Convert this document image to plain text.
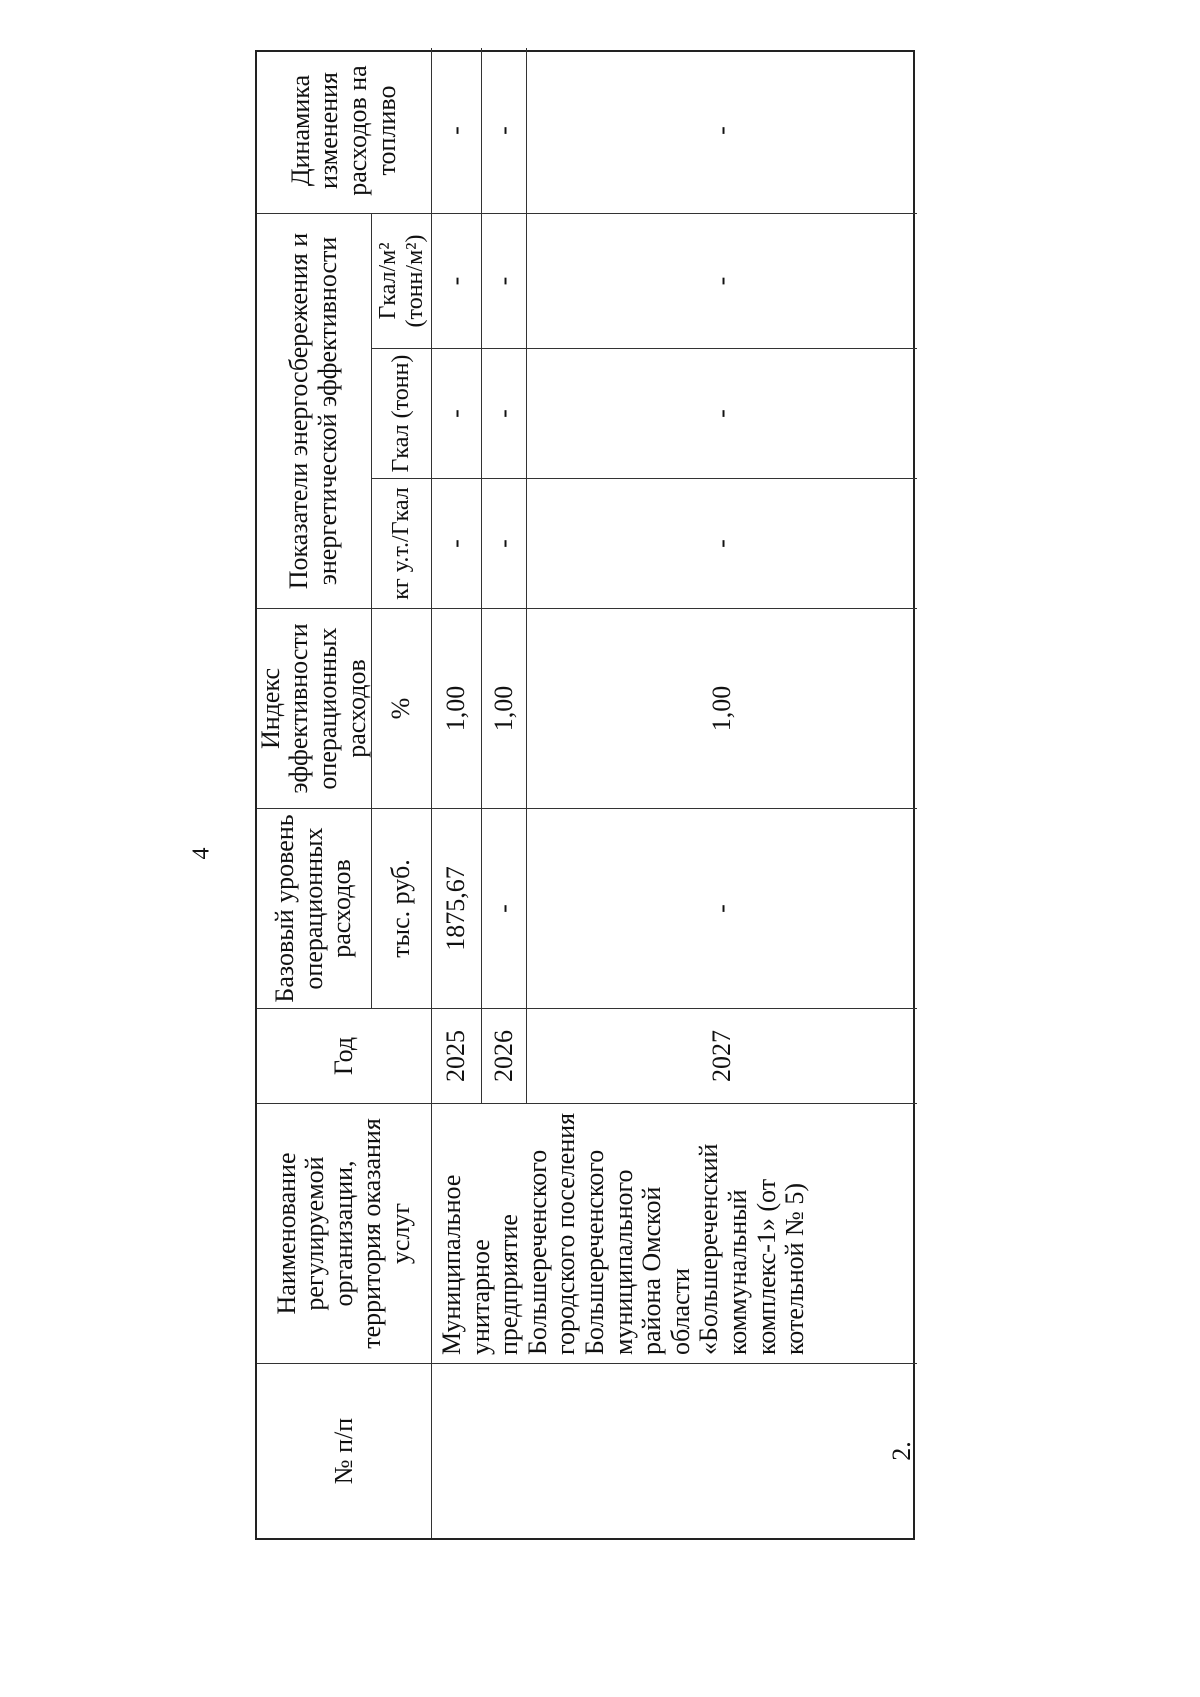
4
№ п/п
Наименование регулируемой организации, территория оказания услуг
Год
Базовый уровень операционных расходов
Индекс эффективности операционных расходов
Показатели энергосбережения и энергетической эффективности
Динамика изменения расходов на топливо
тыс. руб.
%
кг у.т./Гкал
Гкал (тонн)
Гкал/м² (тонн/м²)
2.
Муниципальное унитарное предприятие Большереченского городского поселения Большереченского муниципального района Омской области «Большереченский коммунальный комплекс-1» (от котельной № 5)
2025
1875,67
1,00
-
-
-
-
2026
-
1,00
-
-
-
-
2027
-
1,00
-
-
-
-
